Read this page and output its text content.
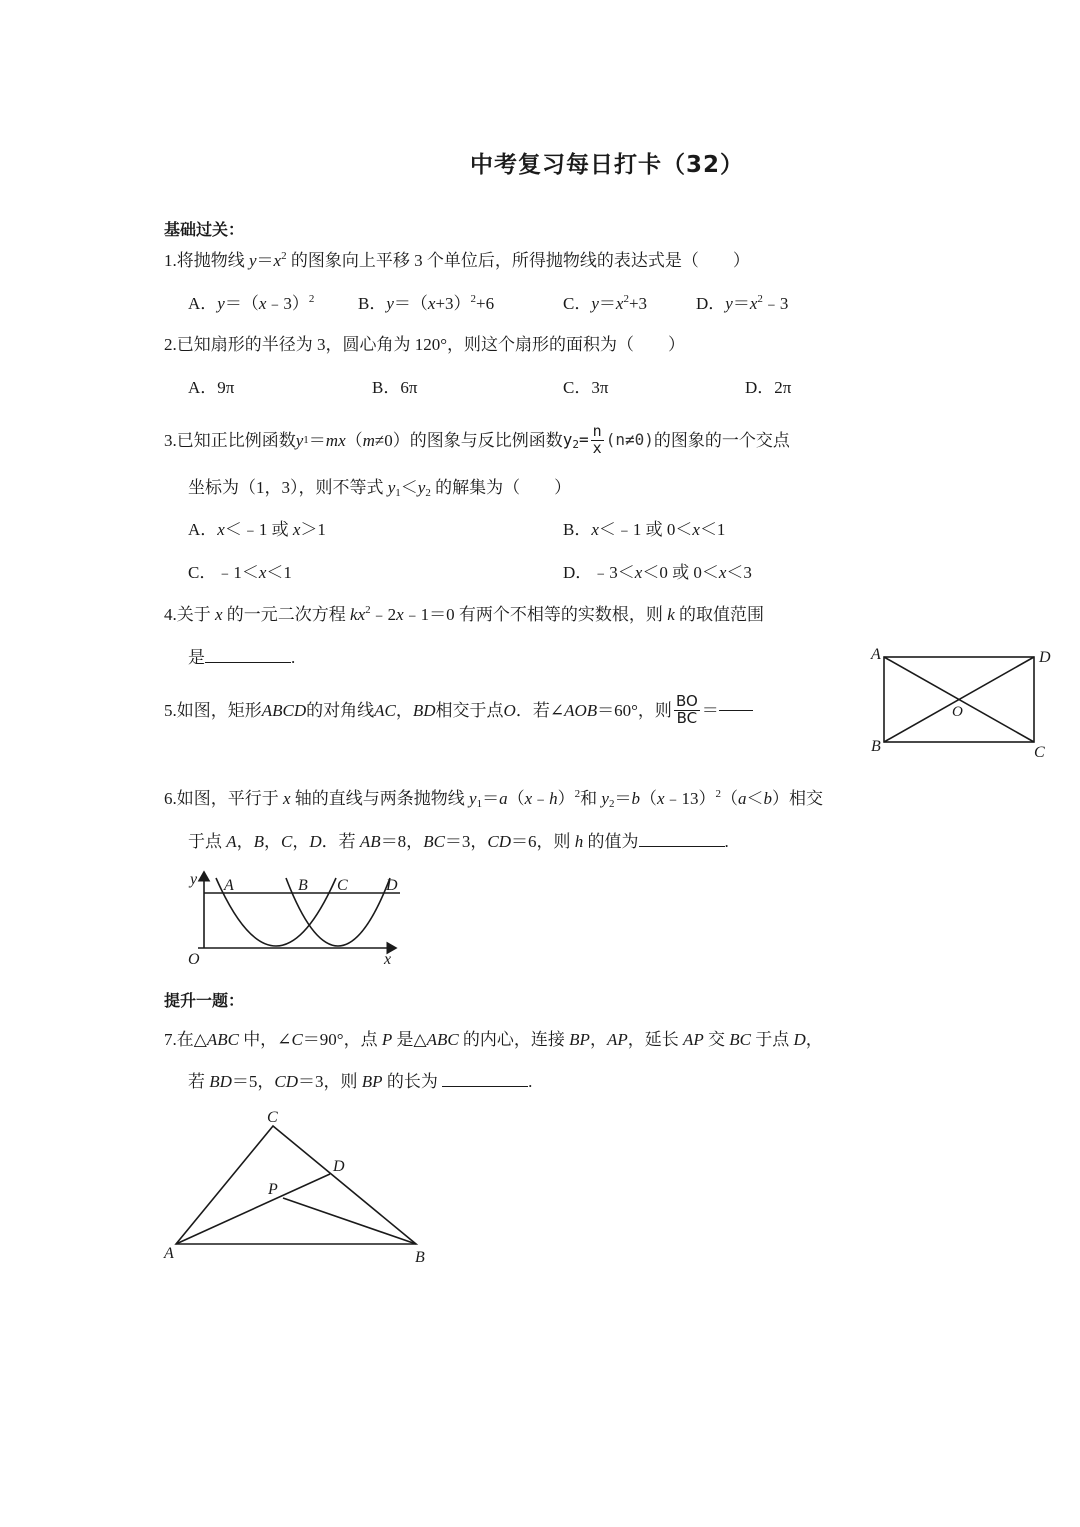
中考复习每日打卡（32）
基础过关：
1.将抛物线 $y=x^2$ 的图象向上平移 3 个单位后，所得抛物线的表达式是（　　）
A．y＝（x﹣3）$^2$	B．$y=(x+3)^2+6$	C．$y=x^2+3$	D．$y=x^2﹣3$
2.已知扇形的半径为 3，圆心角为 120°，则这个扇形的面积为（　　）
A．9π	B．6π	C．3π	D．2π
3.已知正比例函数 y 1 ＝ mx （ m ≠0）的图象与反比例函数 $y_2= \frac{n}{x} (n\ne 0)$ 的图象的一个交点
坐标为（1，3），则不等式 $y_1<y_2$ 的解集为（　　）
A．x＜﹣1 或 x＞1	B．x＜﹣1 或 0＜x＜1
C．﹣1＜x＜1	D．﹣3＜x＜0 或 0＜x＜3
4.关于 x 的一元二次方程 $kx^2﹣2x﹣1=0$ 有两个不相等的实数根，则 k 的取值范围
是	.
5.如图，矩形 ABCD 的对角线 AC ， BD 相交于点 O ．若∠ AOB ＝60°，则 $\frac{BO}{BC}$ ＝
A
B	C
D
O
6.如图，平行于 x 轴的直线与两条抛物线 $y_1=a(x﹣h)^2$和 $y_2=b(x﹣13)^2(a<b)$相交
于点 A，B，C，D．若 AB＝8，BC＝3，CD＝6，则 h 的值为	.
y A	B C D
O	x
提升一题：
7.在△ABC 中，∠C＝90°，点 P 是△ABC 的内心，连接 BP，AP，延长 AP 交 BC 于点 D，
若 BD＝5，CD＝3，则 BP 的长为	.
C
D
P
A	B
